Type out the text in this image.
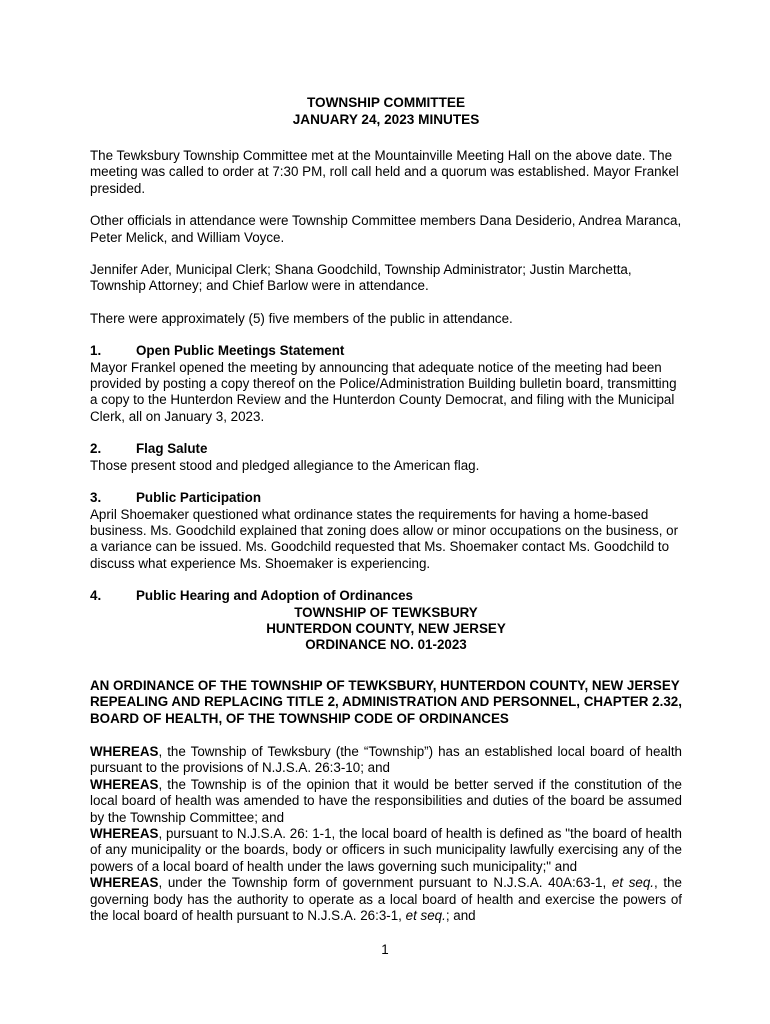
TOWNSHIP COMMITTEE

JANUARY 24, 2023 MINUTES

The Tewksbury Township Committee met at the Mountainville Meeting Hall on the above date. The meeting was called to order at 7:30 PM, roll call held and a quorum was established. Mayor Frankel presided.

Other officials in attendance were Township Committee members Dana Desiderio, Andrea Maranca, Peter Melick, and William Voyce.

Jennifer Ader, Municipal Clerk; Shana Goodchild, Township Administrator; Justin Marchetta, Township Attorney; and Chief Barlow were in attendance.

There were approximately (5) five members of the public in attendance.

1.	Open Public Meetings Statement

Mayor Frankel opened the meeting by announcing that adequate notice of the meeting had been provided by posting a copy thereof on the Police/Administration Building bulletin board, transmitting a copy to the Hunterdon Review and the Hunterdon County Democrat, and filing with the Municipal Clerk, all on January 3, 2023.

2.	Flag Salute

Those present stood and pledged allegiance to the American flag.

3.	Public Participation

April Shoemaker questioned what ordinance states the requirements for having a home-based business. Ms. Goodchild explained that zoning does allow or minor occupations on the business, or a variance can be issued. Ms. Goodchild requested that Ms. Shoemaker contact Ms. Goodchild to discuss what experience Ms. Shoemaker is experiencing.

4.	Public Hearing and Adoption of Ordinances

TOWNSHIP OF TEWKSBURY

HUNTERDON COUNTY, NEW JERSEY

ORDINANCE NO. 01-2023

AN ORDINANCE OF THE TOWNSHIP OF TEWKSBURY, HUNTERDON COUNTY, NEW JERSEY REPEALING AND REPLACING TITLE 2, ADMINISTRATION AND PERSONNEL, CHAPTER 2.32, BOARD OF HEALTH, OF THE TOWNSHIP CODE OF ORDINANCES

WHEREAS, the Township of Tewksbury (the “Township”) has an established local board of health pursuant to the provisions of N.J.S.A. 26:3-10; and

WHEREAS, the Township is of the opinion that it would be better served if the constitution of the local board of health was amended to have the responsibilities and duties of the board be assumed by the Township Committee; and

WHEREAS, pursuant to N.J.S.A. 26: 1-1, the local board of health is defined as "the board of health of any municipality or the boards, body or officers in such municipality lawfully exercising any of the powers of a local board of health under the laws governing such municipality;" and

WHEREAS, under the Township form of government pursuant to N.J.S.A. 40A:63-1, et seq., the governing body has the authority to operate as a local board of health and exercise the powers of the local board of health pursuant to N.J.S.A. 26:3-1, et seq.; and

1
